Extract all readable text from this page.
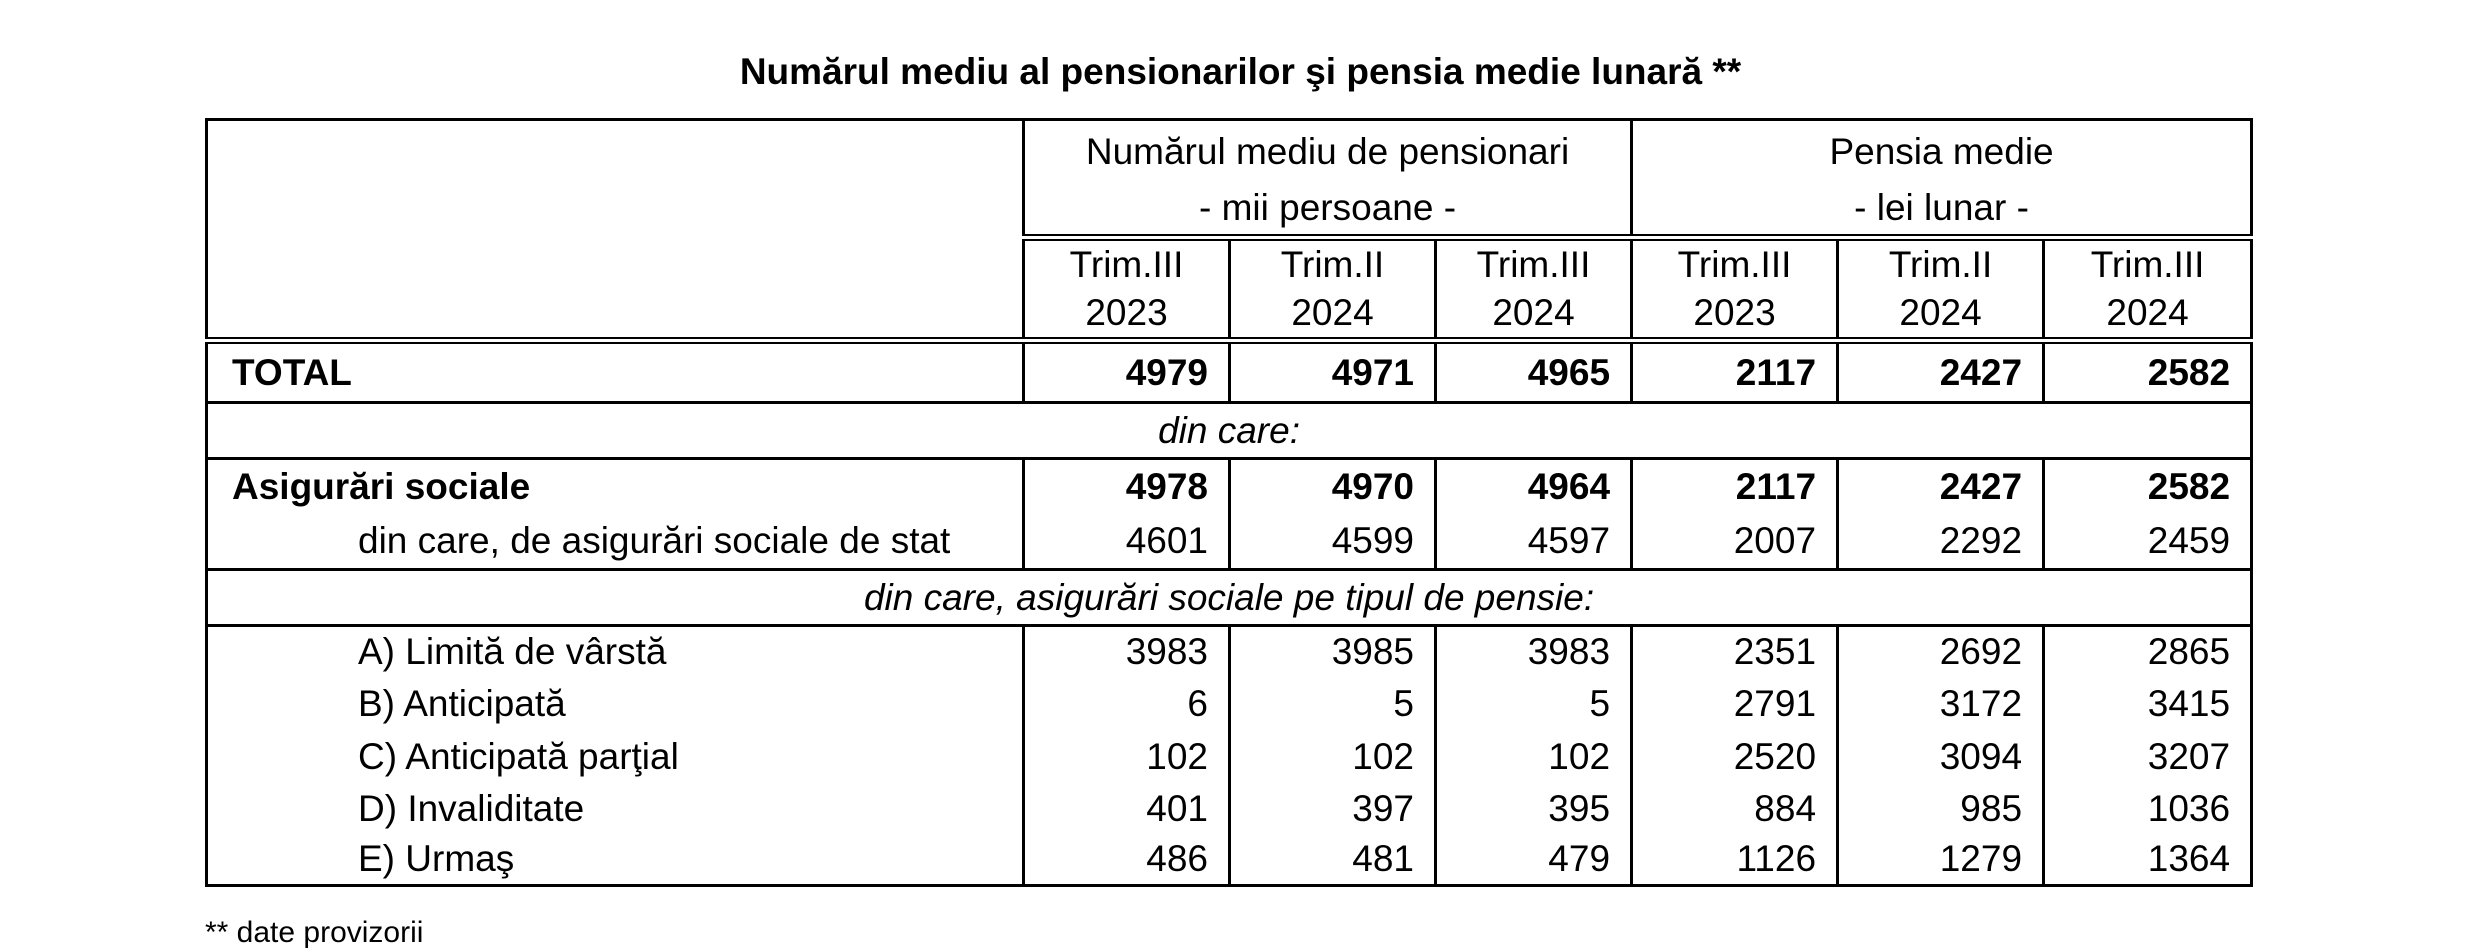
Numărul mediu al pensionarilor şi pensia medie lunară **
	Numărul mediu de pensionari			Pensia medie		
	- mii persoane -			- lei lunar -		
	Trim.III	Trim.II	Trim.III	Trim.III	Trim.II	Trim.III
	2023	2024	2024	2023	2024	2024
TOTAL	4979	4971	4965	2117	2427	2582
din care:						
Asigurări sociale	4978	4970	4964	2117	2427	2582
din care, de asigurări sociale de stat	4601	4599	4597	2007	2292	2459
din care, asigurări sociale pe tipul de pensie:						
A) Limită de vârstă	3983	3985	3983	2351	2692	2865
B) Anticipată	6	5	5	2791	3172	3415
C) Anticipată parţial	102	102	102	2520	3094	3207
D) Invaliditate	401	397	395	884	985	1036
E) Urmaş	486	481	479	1126	1279	1364
** date provizorii
